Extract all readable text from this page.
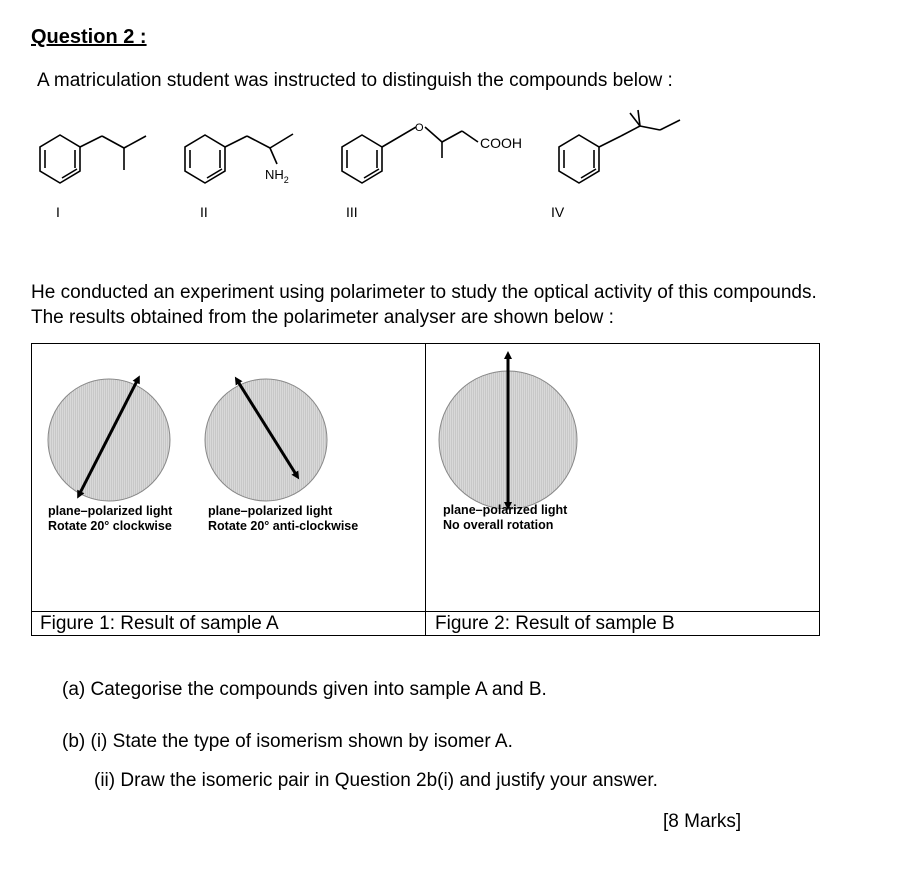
Question 2 :
A matriculation student was instructed to distinguish the compounds below :
$NH_2$
O
COOH
I	II	III	IV
He conducted an experiment using polarimeter to study the optical activity of this compounds. The results obtained from the polarimeter analyser are shown below :
plane–polarized light
Rotate 20° clockwise
plane–polarized light
Rotate 20° anti-clockwise
plane–polarized light
No overall rotation
Figure 1: Result of sample A	Figure 2: Result of sample B
(a) Categorise the compounds given into sample A and B.
(b) (i) State the type of isomerism shown by isomer A.
(ii) Draw the isomeric pair in Question 2b(i) and justify your answer.
[8 Marks]
